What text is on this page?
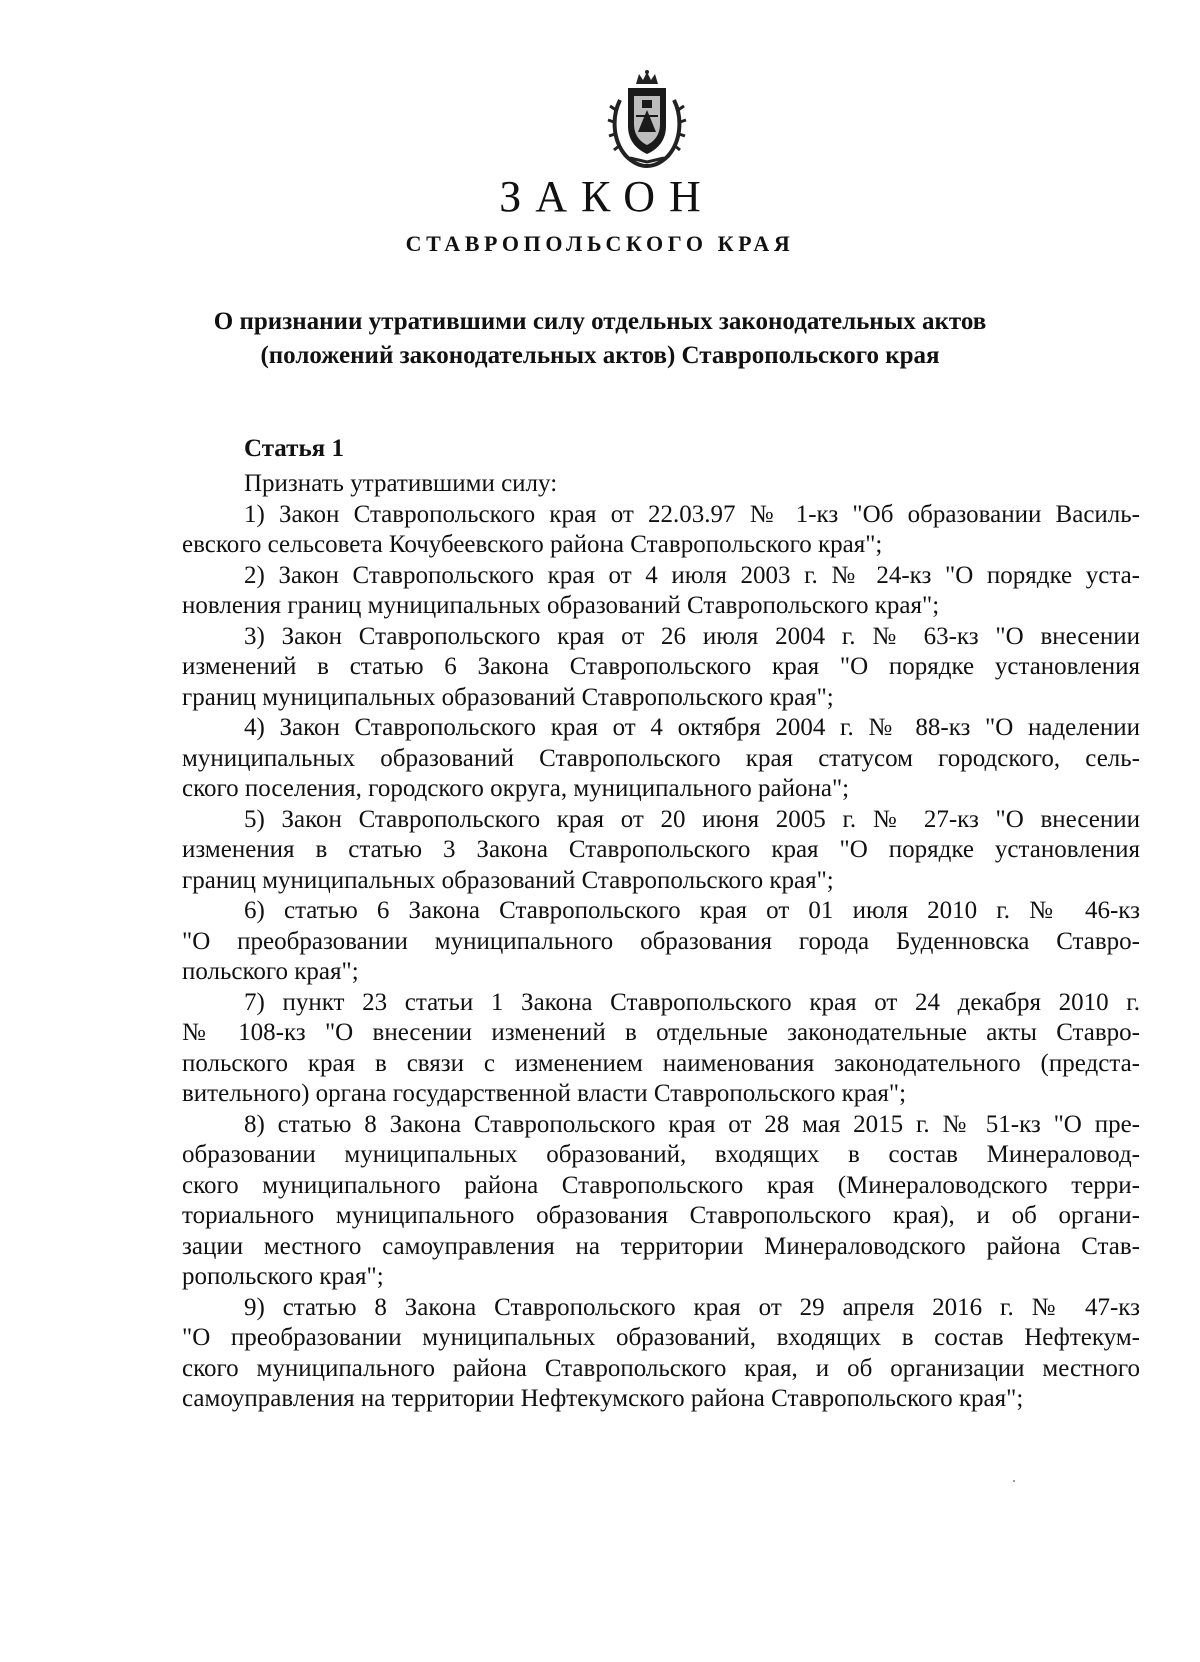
ЗАКОН
СТАВРОПОЛЬСКОГО КРАЯ
О признании утратившими силу отдельных законодательных актов
(положений законодательных актов) Ставропольского края
Статья 1
Признать утратившими силу:
1) Закон Ставропольского края от 22.03.97 № 1-кз "Об образовании Василь-
евского сельсовета Кочубеевского района Ставропольского края";
2) Закон Ставропольского края от 4 июля 2003 г. № 24-кз "О порядке уста-
новления границ муниципальных образований Ставропольского края";
3) Закон Ставропольского края от 26 июля 2004 г. № 63-кз "О внесении
изменений в статью 6 Закона Ставропольского края "О порядке установления
границ муниципальных образований Ставропольского края";
4) Закон Ставропольского края от 4 октября 2004 г. № 88-кз "О наделении
муниципальных образований Ставропольского края статусом городского, сель-
ского поселения, городского округа, муниципального района";
5) Закон Ставропольского края от 20 июня 2005 г. № 27-кз "О внесении
изменения в статью 3 Закона Ставропольского края "О порядке установления
границ муниципальных образований Ставропольского края";
6) статью 6 Закона Ставропольского края от 01 июля 2010 г. № 46-кз
"О преобразовании муниципального образования города Буденновска Ставро-
польского края";
7) пункт 23 статьи 1 Закона Ставропольского края от 24 декабря 2010 г.
№ 108-кз "О внесении изменений в отдельные законодательные акты Ставро-
польского края в связи с изменением наименования законодательного (предста-
вительного) органа государственной власти Ставропольского края";
8) статью 8 Закона Ставропольского края от 28 мая 2015 г. № 51-кз "О пре-
образовании муниципальных образований, входящих в состав Минераловод-
ского муниципального района Ставропольского края (Минераловодского терри-
ториального муниципального образования Ставропольского края), и об органи-
зации местного самоуправления на территории Минераловодского района Став-
ропольского края";
9) статью 8 Закона Ставропольского края от 29 апреля 2016 г. № 47-кз
"О преобразовании муниципальных образований, входящих в состав Нефтекум-
ского муниципального района Ставропольского края, и об организации местного
самоуправления на территории Нефтекумского района Ставропольского края";
